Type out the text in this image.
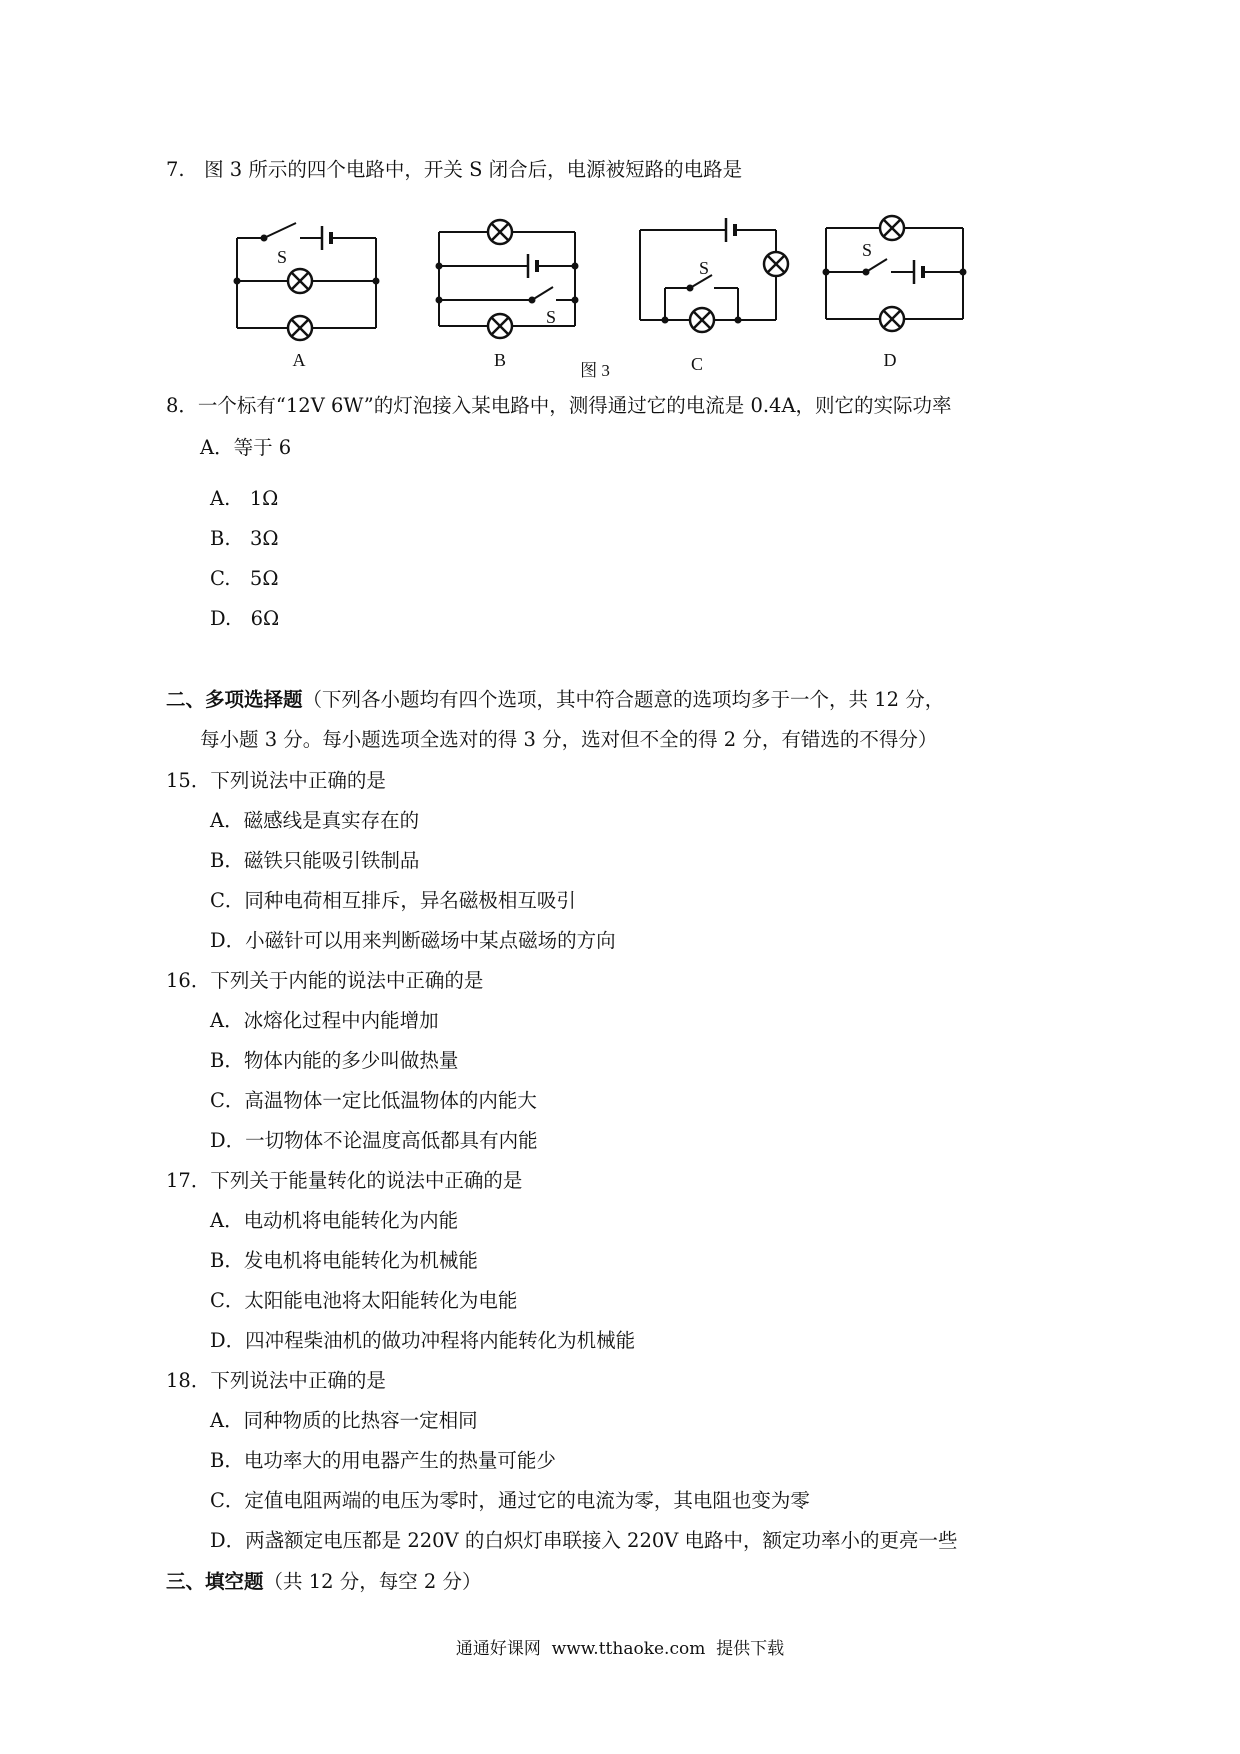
7.　图 3 所示的四个电路中，开关 S 闭合后，电源被短路的电路是
S
S
S
S
A	B	C	D
图 3
8．一个标有“12V 6W”的灯泡接入某电路中，测得通过它的电流是 0.4A，则它的实际功率
A．等于 6
A.　1Ω
B.　3Ω
C.　5Ω
D.　6Ω
二、多项选择题（下列各小题均有四个选项，其中符合题意的选项均多于一个，共 12 分，
每小题 3 分。每小题选项全选对的得 3 分，选对但不全的得 2 分，有错选的不得分）
15．下列说法中正确的是
A．磁感线是真实存在的
B．磁铁只能吸引铁制品
C．同种电荷相互排斥，异名磁极相互吸引
D．小磁针可以用来判断磁场中某点磁场的方向
16．下列关于内能的说法中正确的是
A．冰熔化过程中内能增加
B．物体内能的多少叫做热量
C．高温物体一定比低温物体的内能大
D．一切物体不论温度高低都具有内能
17．下列关于能量转化的说法中正确的是
A．电动机将电能转化为内能
B．发电机将电能转化为机械能
C．太阳能电池将太阳能转化为电能
D．四冲程柴油机的做功冲程将内能转化为机械能
18．下列说法中正确的是
A．同种物质的比热容一定相同
B．电功率大的用电器产生的热量可能少
C．定值电阻两端的电压为零时，通过它的电流为零，其电阻也变为零
D．两盏额定电压都是 220V 的白炽灯串联接入 220V 电路中，额定功率小的更亮一些
三、填空题（共 12 分，每空 2 分）
通通好课网  www.tthaoke.com  提供下载
